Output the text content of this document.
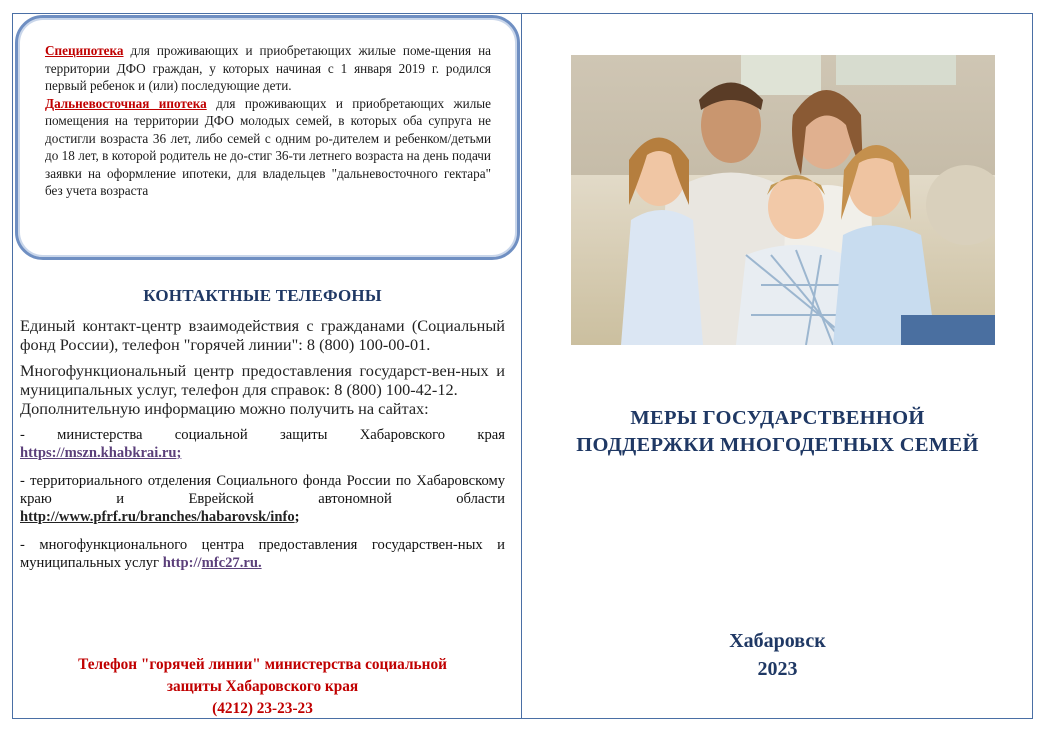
Специпотека для проживающих и приобретающих жилые поме-щения на территории ДФО граждан, у которых начиная с 1 января 2019 г. родился первый ребенок и (или) последующие дети.

Дальневосточная ипотека для проживающих и приобретающих жилые помещения на территории ДФО молодых семей, в которых оба супруга не достигли возраста 36 лет, либо семей с одним ро-дителем и ребенком/детьми до 18 лет, в которой родитель не до-стиг 36-ти летнего возраста на день подачи заявки на оформление ипотеки, для владельцев "дальневосточного гектара" без учета возраста

КОНТАКТНЫЕ ТЕЛЕФОНЫ

Единый контакт-центр взаимодействия с гражданами (Социальный фонд России), телефон "горячей линии": 8 (800) 100-00-01.

Многофункциональный центр предоставления государст-вен-ных и муниципальных услуг, телефон для справок: 8 (800) 100-42-12.

Дополнительную информацию можно получить на сайтах:

- министерства социальной защиты Хабаровского края https://mszn.khabkrai.ru;

- территориального отделения Социального фонда России по Хабаровскому краю и Еврейской автономной области http://www.pfrf.ru/branches/habarovsk/info;

- многофункционального центра предоставления государствен-ных и муниципальных услуг http://mfc27.ru.

Телефон "горячей линии" министерства социальной
защиты Хабаровского края
(4212) 23-23-23
МЕРЫ ГОСУДАРСТВЕННОЙ
ПОДДЕРЖКИ МНОГОДЕТНЫХ СЕМЕЙ
Хабаровск
2023
